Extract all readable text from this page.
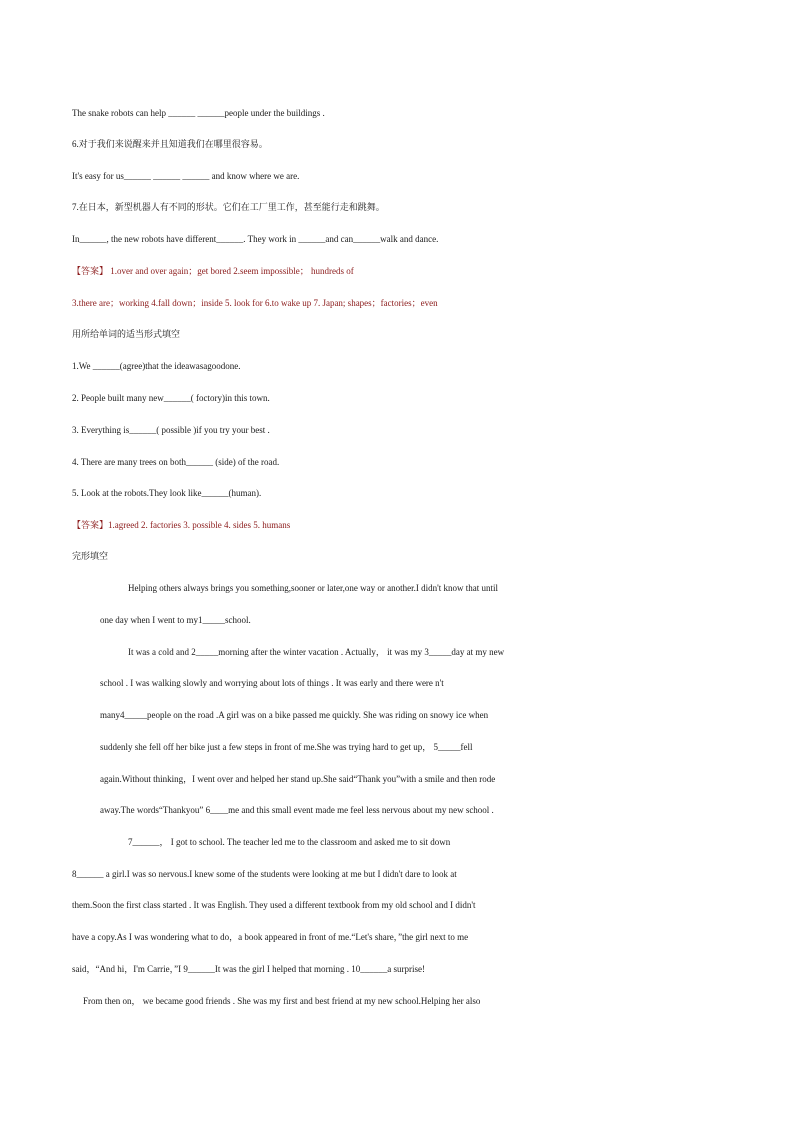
The snake robots can help ______ ______people under the buildings .
6.对于我们来说醒来并且知道我们在哪里很容易。
It's easy for us______ ______ ______ and know where we are.
7.在日本，新型机器人有不同的形状。它们在工厂里工作，甚至能行走和跳舞。
In______, the new robots have different______. They work in ______and can______walk and dance.
【答案】 1.over and over again；get bored 2.seem impossible； hundreds of
3.there are；working 4.fall down；inside 5. look for 6.to wake up 7. Japan; shapes；factories；even
用所给单词的适当形式填空
1.We ______(agree)that the ideawasagoodone.
2. People built many new______( foctory)in this town.
3. Everything is______( possible )if you try your best .
4. There are many trees on both______ (side) of the road.
5. Look at the robots.They look like______(human).
【答案】1.agreed 2. factories 3. possible 4. sides 5. humans
完形填空
Helping others always brings you something,sooner or later,one way or another.I didn't know that until
one day when I went to my1_____school.
It was a cold and 2_____morning after the winter vacation . Actually， it was my 3_____day at my new
school . I was walking slowly and worrying about lots of things . It was early and there were n't
many4_____people on the road .A girl was on a bike passed me quickly. She was riding on snowy ice when
suddenly she fell off her bike just a few steps in front of me.She was trying hard to get up， 5_____fell
again.Without thinking，I went over and helped her stand up.She said“Thank you”with a smile and then rode
away.The words“Thankyou” 6____me and this small event made me feel less nervous about my new school .
7______， I got to school. The teacher led me to the classroom and asked me to sit down
8______ a girl.I was so nervous.I knew some of the students were looking at me but I didn't dare to look at
them.Soon the first class started . It was English. They used a different textbook from my old school and I didn't
have a copy.As I was wondering what to do，a book appeared in front of me.“Let's share，”the girl next to me
said，“And hi，I'm Carrie，”I 9______It was the girl I helped that morning . 10______a surprise!
From then on， we became good friends . She was my first and best friend at my new school.Helping her also
